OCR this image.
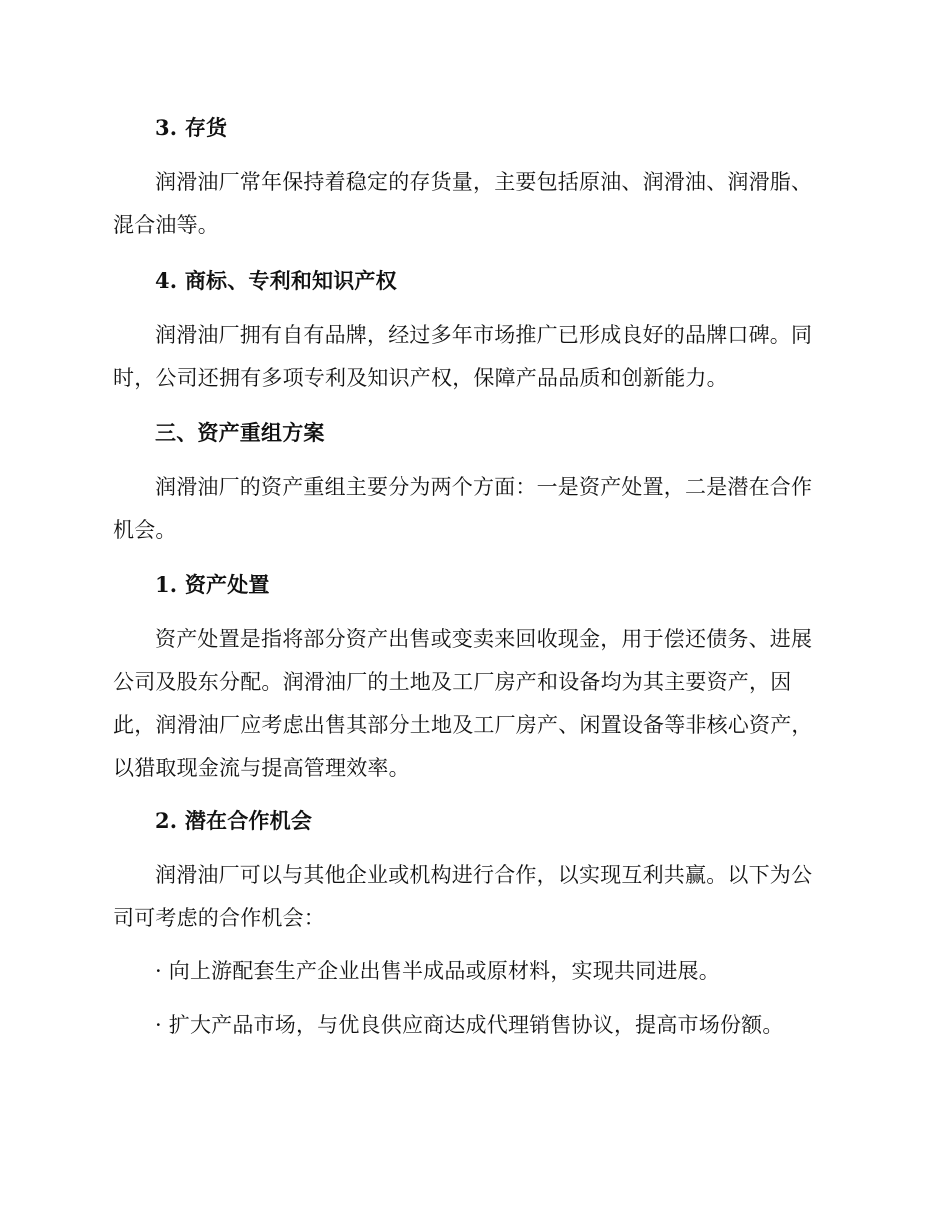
3. 存货
润滑油厂常年保持着稳定的存货量，主要包括原油、润滑油、润滑脂、混合油等。
4. 商标、专利和知识产权
润滑油厂拥有自有品牌，经过多年市场推广已形成良好的品牌口碑。同时，公司还拥有多项专利及知识产权，保障产品品质和创新能力。
三、资产重组方案
润滑油厂的资产重组主要分为两个方面：一是资产处置，二是潜在合作机会。
1. 资产处置
资产处置是指将部分资产出售或变卖来回收现金，用于偿还债务、进展公司及股东分配。润滑油厂的土地及工厂房产和设备均为其主要资产，因此，润滑油厂应考虑出售其部分土地及工厂房产、闲置设备等非核心资产，以猎取现金流与提高管理效率。
2. 潜在合作机会
润滑油厂可以与其他企业或机构进行合作，以实现互利共赢。以下为公司可考虑的合作机会：
· 向上游配套生产企业出售半成品或原材料，实现共同进展。
· 扩大产品市场，与优良供应商达成代理销售协议，提高市场份额。
